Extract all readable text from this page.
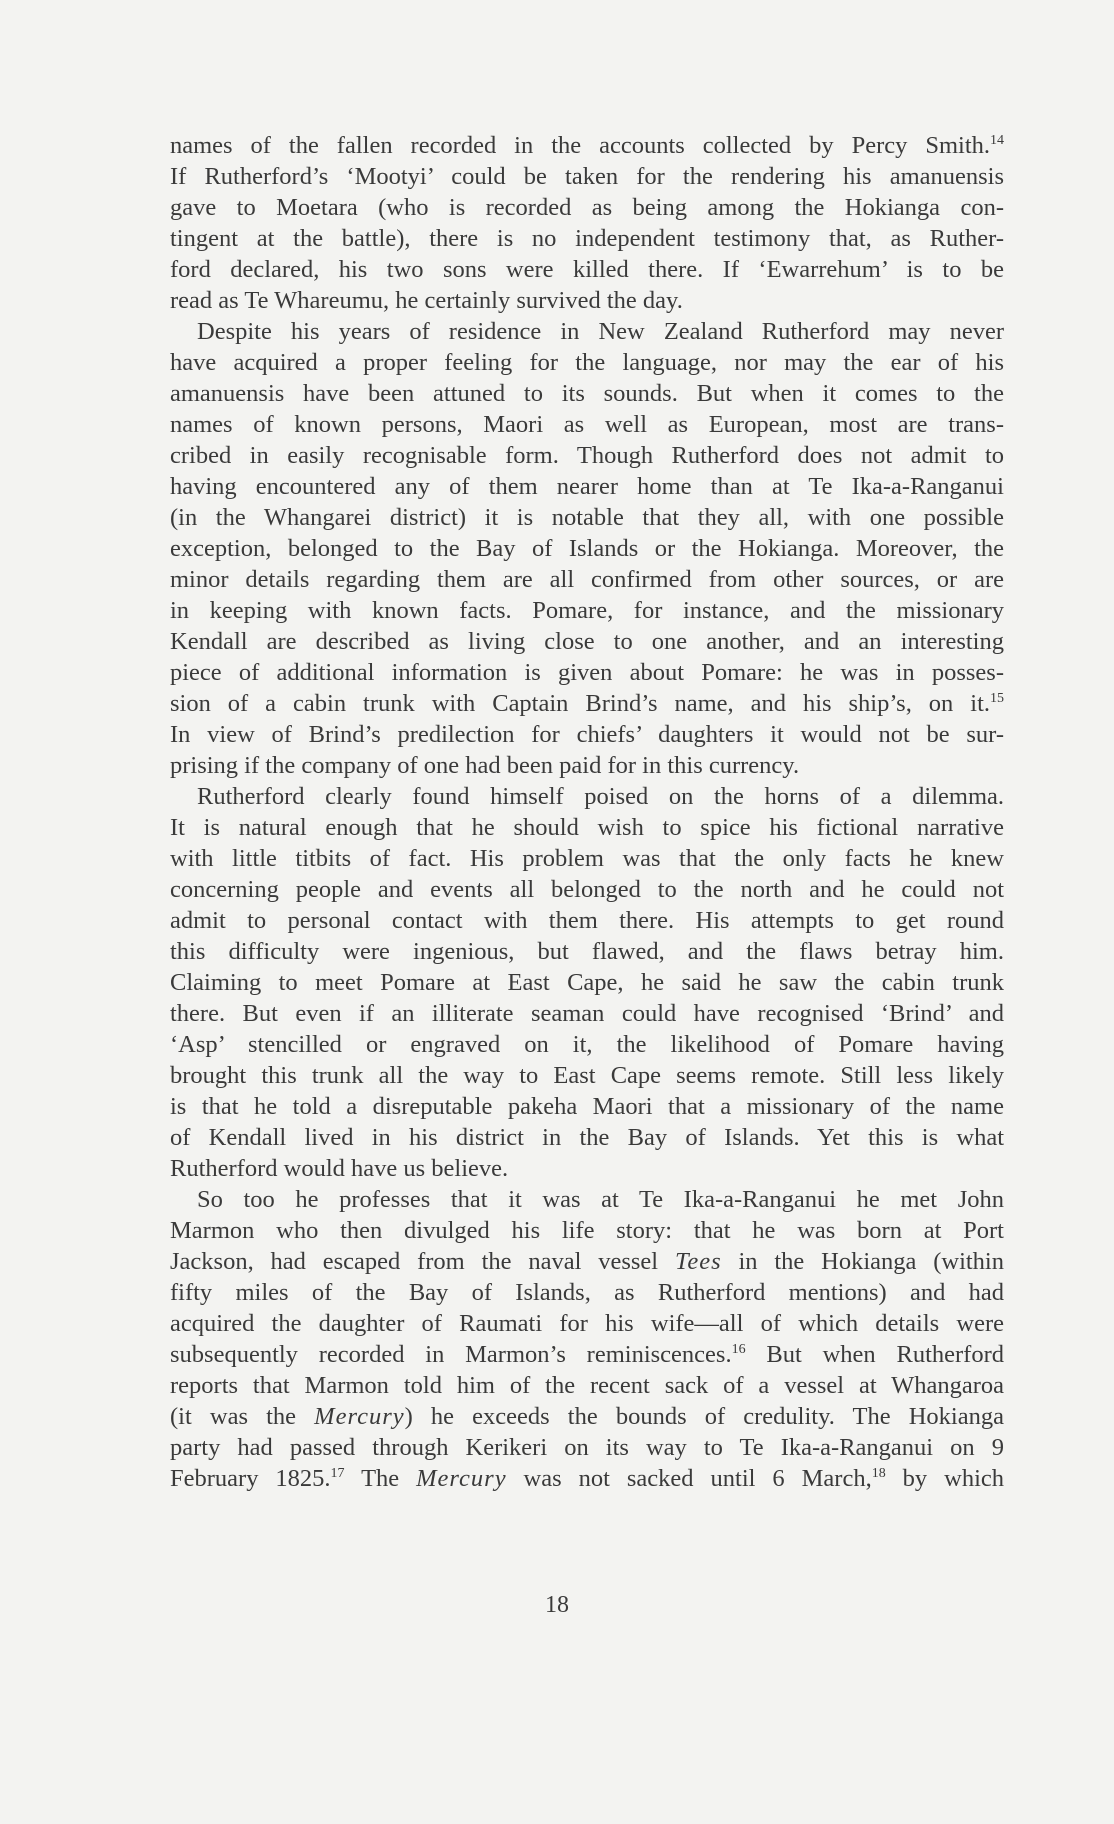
names of the fallen recorded in the accounts collected by Percy Smith.$^{14}$
If Rutherford’s ‘Mootyi’ could be taken for the rendering his amanuensis
gave to Moetara (who is recorded as being among the Hokianga con-
tingent at the battle), there is no independent testimony that, as Ruther-
ford declared, his two sons were killed there. If ‘Ewarrehum’ is to be
read as Te Whareumu, he certainly survived the day.
Despite his years of residence in New Zealand Rutherford may never
have acquired a proper feeling for the language, nor may the ear of his
amanuensis have been attuned to its sounds. But when it comes to the
names of known persons, Maori as well as European, most are trans-
cribed in easily recognisable form. Though Rutherford does not admit to
having encountered any of them nearer home than at Te Ika-a-Ranganui
(in the Whangarei district) it is notable that they all, with one possible
exception, belonged to the Bay of Islands or the Hokianga. Moreover, the
minor details regarding them are all confirmed from other sources, or are
in keeping with known facts. Pomare, for instance, and the missionary
Kendall are described as living close to one another, and an interesting
piece of additional information is given about Pomare: he was in posses-
sion of a cabin trunk with Captain Brind’s name, and his ship’s, on it.$^{15}$
In view of Brind’s predilection for chiefs’ daughters it would not be sur-
prising if the company of one had been paid for in this currency.
Rutherford clearly found himself poised on the horns of a dilemma.
It is natural enough that he should wish to spice his fictional narrative
with little titbits of fact. His problem was that the only facts he knew
concerning people and events all belonged to the north and he could not
admit to personal contact with them there. His attempts to get round
this difficulty were ingenious, but flawed, and the flaws betray him.
Claiming to meet Pomare at East Cape, he said he saw the cabin trunk
there. But even if an illiterate seaman could have recognised ‘Brind’ and
‘Asp’ stencilled or engraved on it, the likelihood of Pomare having
brought this trunk all the way to East Cape seems remote. Still less likely
is that he told a disreputable pakeha Maori that a missionary of the name
of Kendall lived in his district in the Bay of Islands. Yet this is what
Rutherford would have us believe.
So too he professes that it was at Te Ika-a-Ranganui he met John
Marmon who then divulged his life story: that he was born at Port
Jackson, had escaped from the naval vessel Tees in the Hokianga (within
fifty miles of the Bay of Islands, as Rutherford mentions) and had
acquired the daughter of Raumati for his wife—all of which details were
subsequently recorded in Marmon’s reminiscences.$^{16}$ But when Rutherford
reports that Marmon told him of the recent sack of a vessel at Whangaroa
(it was the Mercury) he exceeds the bounds of credulity. The Hokianga
party had passed through Kerikeri on its way to Te Ika-a-Ranganui on 9
February 1825.17 The Mercury was not sacked until 6 March,$^{18}$ by which
18
